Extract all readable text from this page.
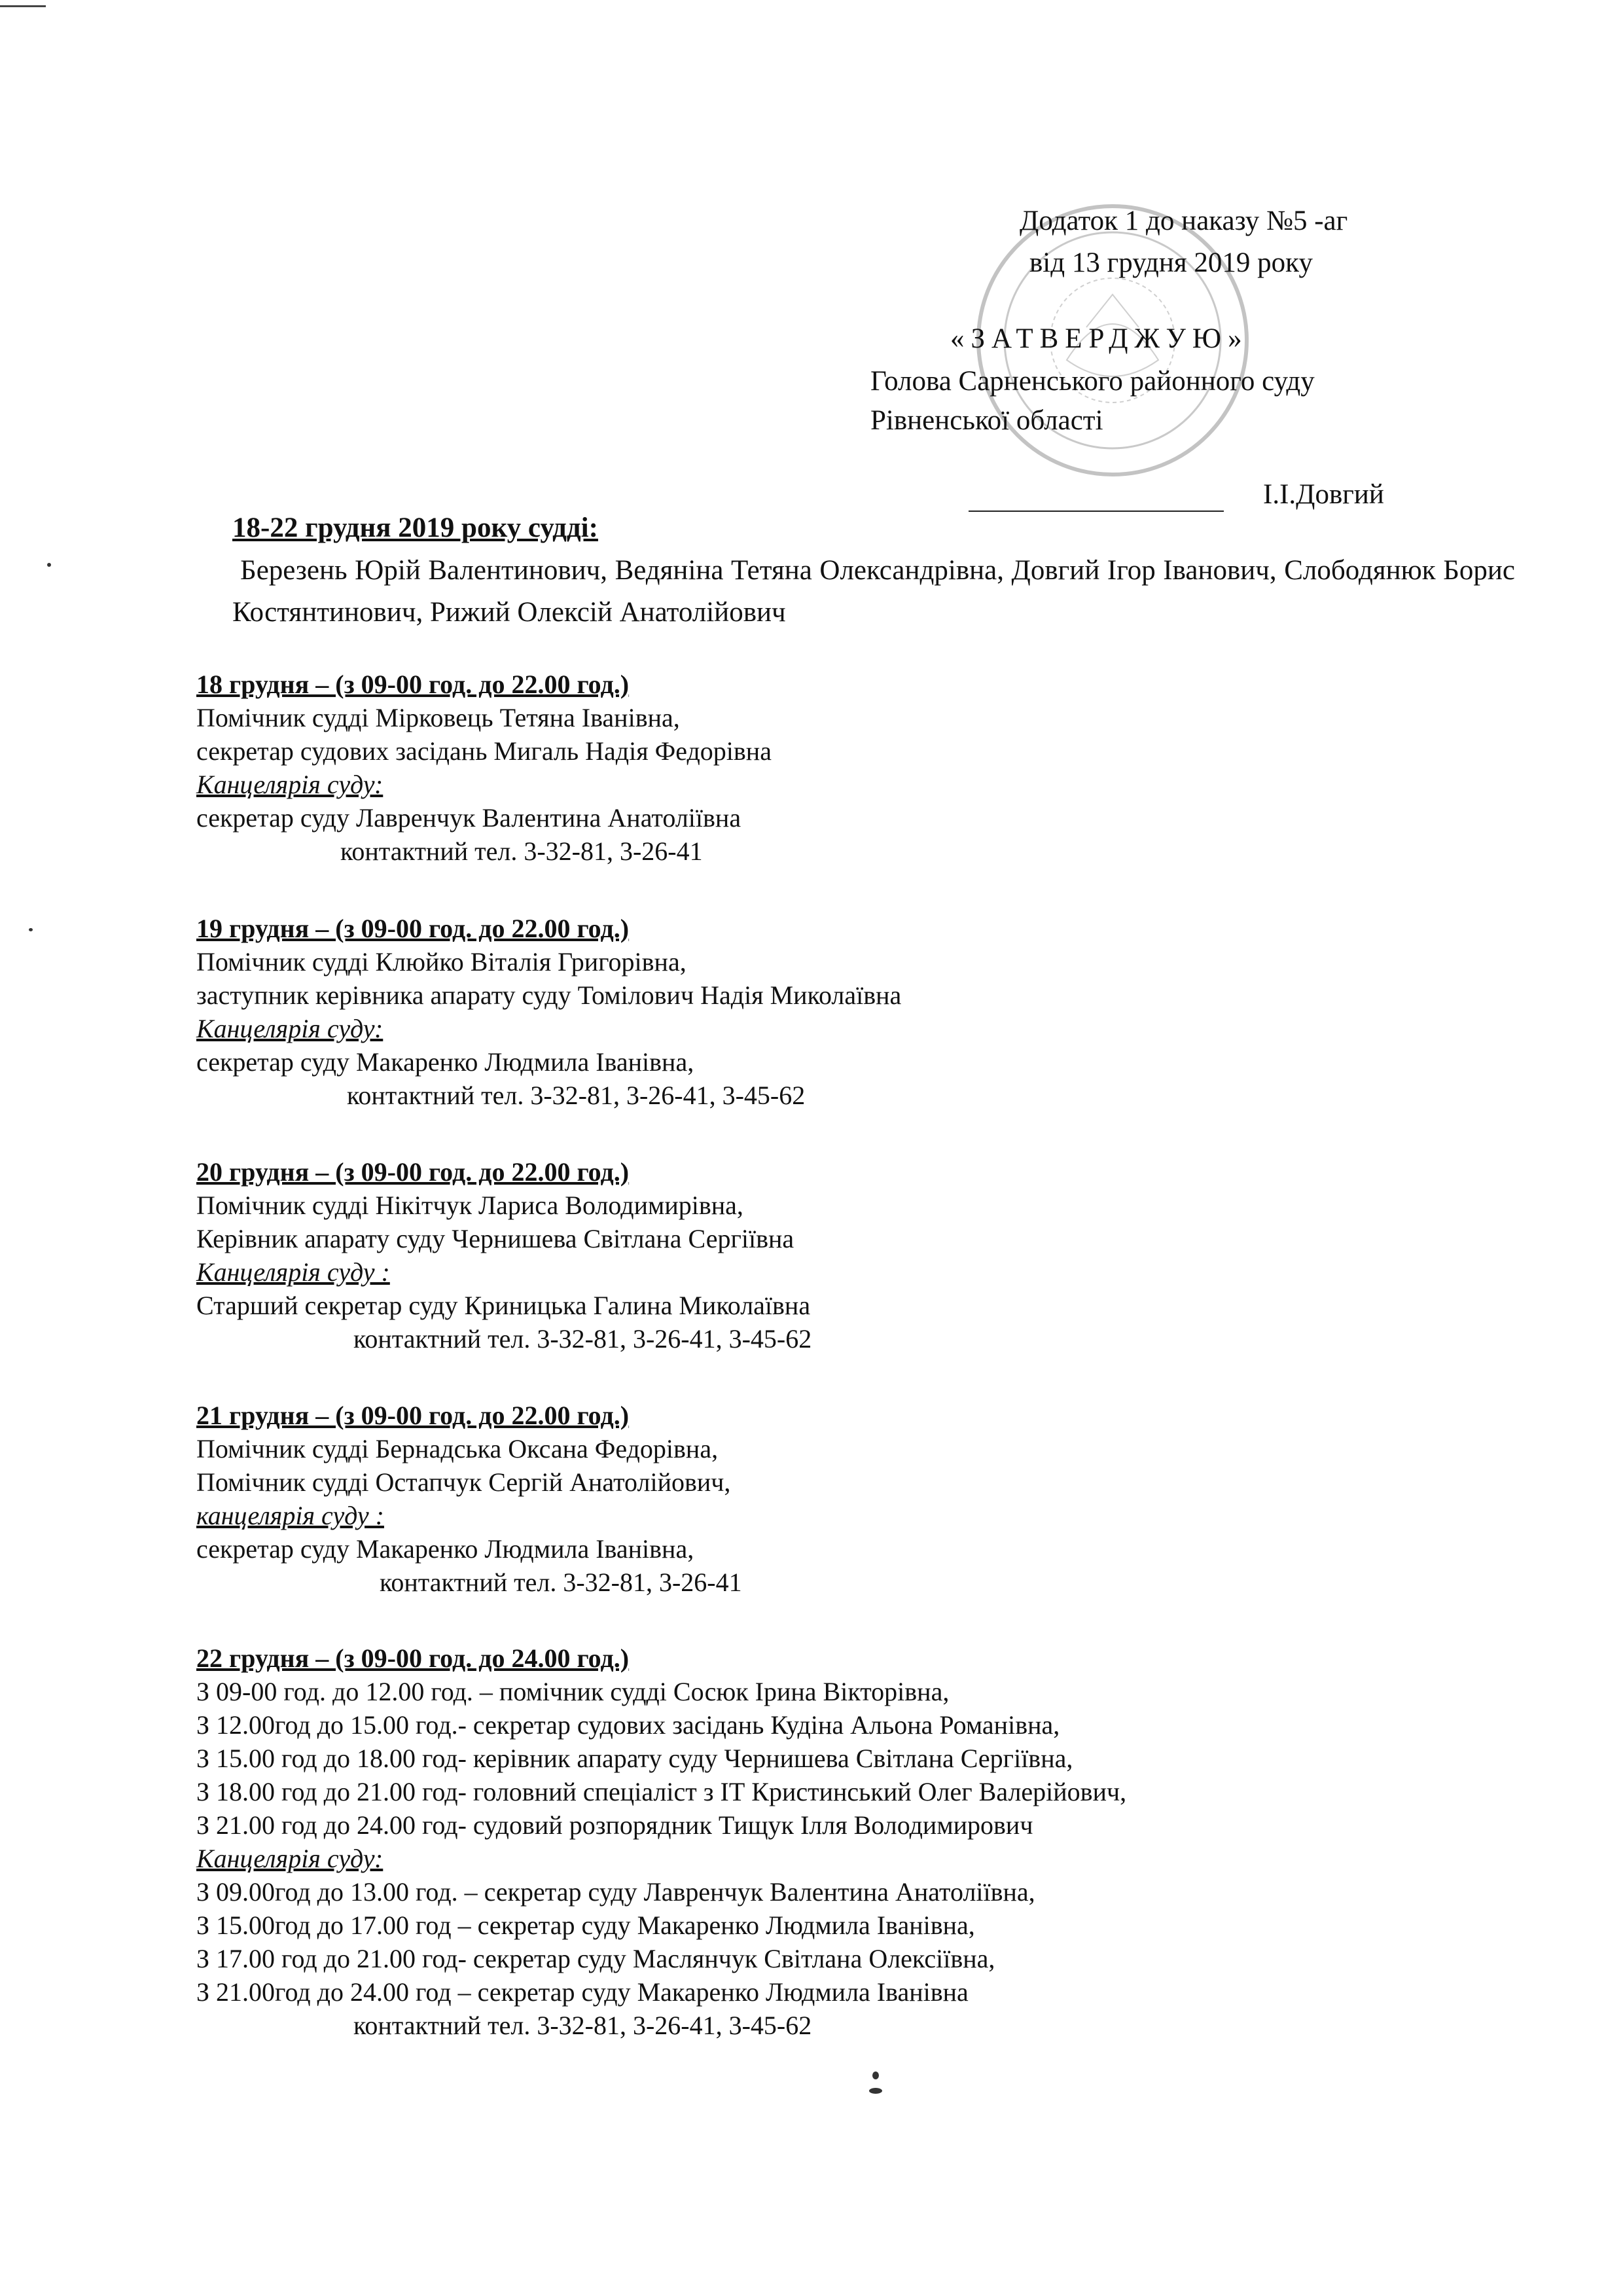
Додаток 1 до наказу №5 -аг
від 13 грудня 2019 року
«ЗАТВЕРДЖУЮ»
Голова Сарненського районного суду
Рівненської області
І.І.Довгий
18-22 грудня 2019 року судді:
Березень Юрій Валентинович, Ведяніна Тетяна Олександрівна, Довгий Ігор Іванович, Слободянюк Борис Костянтинович, Рижий Олексій Анатолійович
18 грудня – (з 09-00 год. до 22.00 год.)
Помічник судді Мірковець Тетяна Іванівна,
секретар судових засідань Мигаль Надія Федорівна
Канцелярія суду:
секретар суду Лавренчук Валентина Анатоліївна
контактний тел. 3-32-81, 3-26-41
19 грудня – (з 09-00 год. до 22.00 год.)
Помічник судді Клюйко Віталія Григорівна,
заступник керівника апарату суду Томілович Надія Миколаївна
Канцелярія суду:
секретар суду Макаренко Людмила Іванівна,
контактний тел. 3-32-81, 3-26-41, 3-45-62
20 грудня – (з 09-00 год. до 22.00 год.)
Помічник судді Нікітчук Лариса Володимирівна,
Керівник апарату суду Чернишева Світлана Сергіївна
Канцелярія суду :
Старший секретар суду Криницька Галина Миколаївна
контактний тел. 3-32-81, 3-26-41, 3-45-62
21 грудня – (з 09-00 год. до 22.00 год.)
Помічник судді Бернадська Оксана Федорівна,
Помічник судді Остапчук Сергій Анатолійович,
канцелярія суду :
секретар суду Макаренко Людмила Іванівна,
контактний тел. 3-32-81, 3-26-41
22 грудня – (з 09-00 год. до 24.00 год.)
З 09-00 год. до 12.00 год. – помічник судді Сосюк Ірина Вікторівна,
З 12.00год до 15.00 год.- секретар судових засідань Кудіна Альона Романівна,
З 15.00 год до 18.00 год- керівник апарату суду Чернишева Світлана Сергіївна,
З 18.00 год до 21.00 год- головний спеціаліст з ІТ Кристинський Олег Валерійович,
З 21.00 год до 24.00 год- судовий розпорядник Тищук Ілля Володимирович
Канцелярія суду:
З 09.00год до 13.00 год. – секретар суду Лавренчук Валентина Анатоліївна,
З 15.00год до 17.00 год – секретар суду Макаренко Людмила Іванівна,
З 17.00 год до 21.00 год- секретар суду Маслянчук Світлана Олексіївна,
З 21.00год до 24.00 год – секретар суду Макаренко Людмила Іванівна
контактний тел. 3-32-81, 3-26-41, 3-45-62
